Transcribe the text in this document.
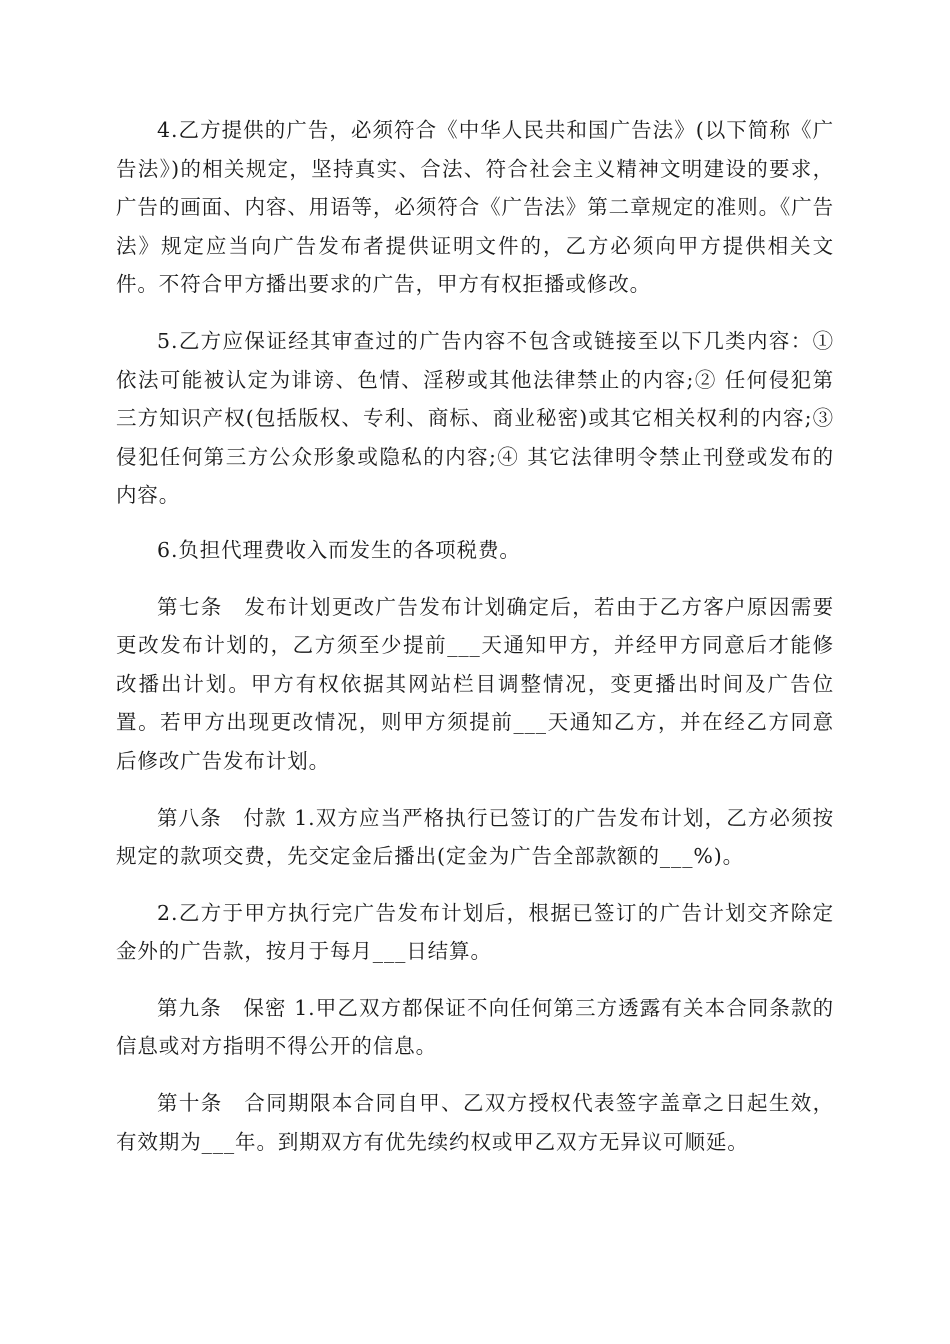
4.乙方提供的广告，必须符合《中华人民共和国广告法》(以下简称《广告法》)的相关规定，坚持真实、合法、符合社会主义精神文明建设的要求，广告的画面、内容、用语等，必须符合《广告法》第二章规定的准则。《广告法》规定应当向广告发布者提供证明文件的，乙方必须向甲方提供相关文件。不符合甲方播出要求的广告，甲方有权拒播或修改。

5.乙方应保证经其审查过的广告内容不包含或链接至以下几类内容：①依法可能被认定为诽谤、色情、淫秽或其他法律禁止的内容;② 任何侵犯第三方知识产权(包括版权、专利、商标、商业秘密)或其它相关权利的内容;③ 侵犯任何第三方公众形象或隐私的内容;④ 其它法律明令禁止刊登或发布的内容。

6.负担代理费收入而发生的各项税费。

第七条　发布计划更改广告发布计划确定后，若由于乙方客户原因需要更改发布计划的，乙方须至少提前___天通知甲方，并经甲方同意后才能修改播出计划。甲方有权依据其网站栏目调整情况，变更播出时间及广告位置。若甲方出现更改情况，则甲方须提前___天通知乙方，并在经乙方同意后修改广告发布计划。

第八条　付款 1.双方应当严格执行已签订的广告发布计划，乙方必须按规定的款项交费，先交定金后播出(定金为广告全部款额的___%)。

2.乙方于甲方执行完广告发布计划后，根据已签订的广告计划交齐除定金外的广告款，按月于每月___日结算。

第九条　保密 1.甲乙双方都保证不向任何第三方透露有关本合同条款的信息或对方指明不得公开的信息。

第十条　合同期限本合同自甲、乙双方授权代表签字盖章之日起生效，有效期为___年。到期双方有优先续约权或甲乙双方无异议可顺延。
